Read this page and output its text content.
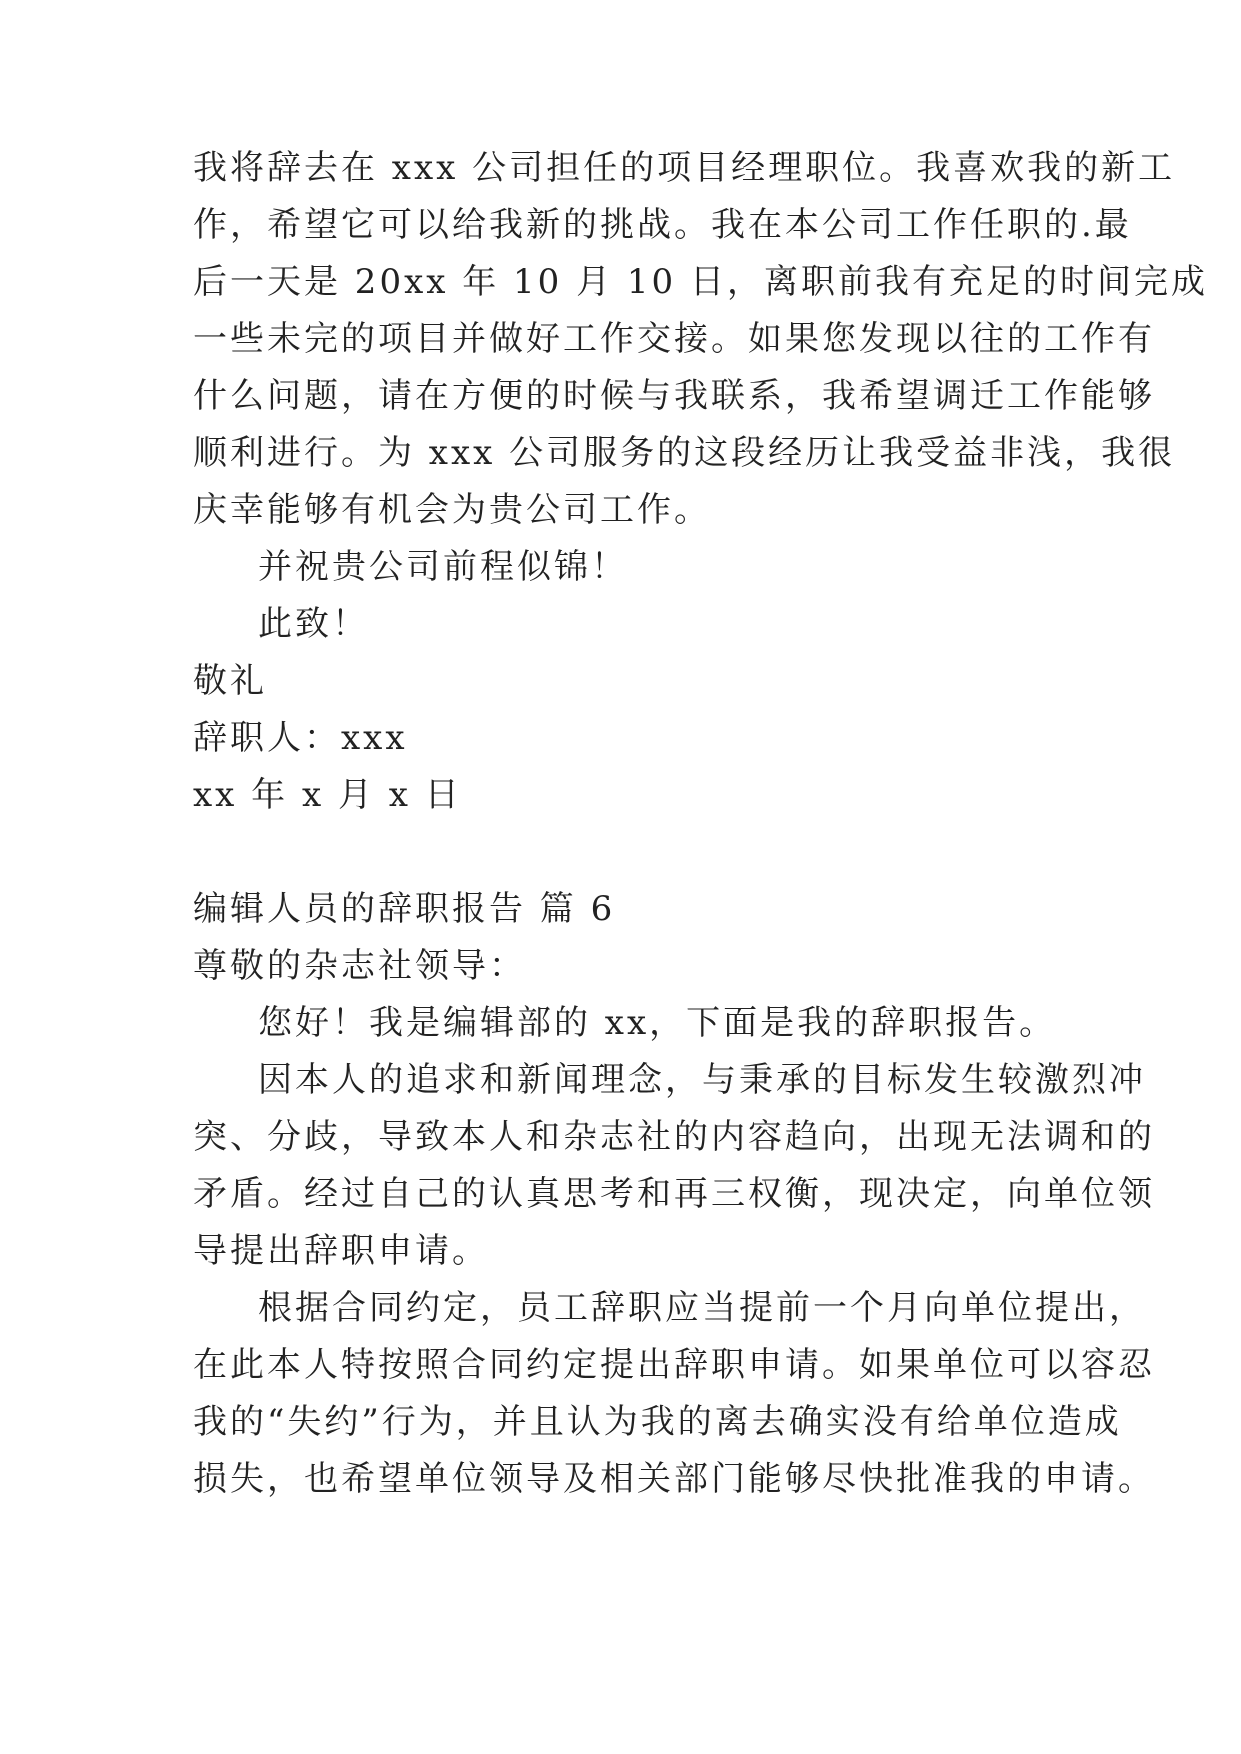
我将辞去在 xxx 公司担任的项目经理职位。我喜欢我的新工
作，希望它可以给我新的挑战。我在本公司工作任职的.最
后一天是 20xx 年 10 月 10 日，离职前我有充足的时间完成
一些未完的项目并做好工作交接。如果您发现以往的工作有
什么问题，请在方便的时候与我联系，我希望调迁工作能够
顺利进行。为 xxx 公司服务的这段经历让我受益非浅，我很
庆幸能够有机会为贵公司工作。
并祝贵公司前程似锦！
此致！
敬礼
辞职人：xxx
xx 年 x 月 x 日
编辑人员的辞职报告 篇 6
尊敬的杂志社领导：
您好！我是编辑部的 xx，下面是我的辞职报告。
因本人的追求和新闻理念，与秉承的目标发生较激烈冲
突、分歧，导致本人和杂志社的内容趋向，出现无法调和的
矛盾。经过自己的认真思考和再三权衡，现决定，向单位领
导提出辞职申请。
根据合同约定，员工辞职应当提前一个月向单位提出，
在此本人特按照合同约定提出辞职申请。如果单位可以容忍
我的“失约”行为，并且认为我的离去确实没有给单位造成
损失，也希望单位领导及相关部门能够尽快批准我的申请。
